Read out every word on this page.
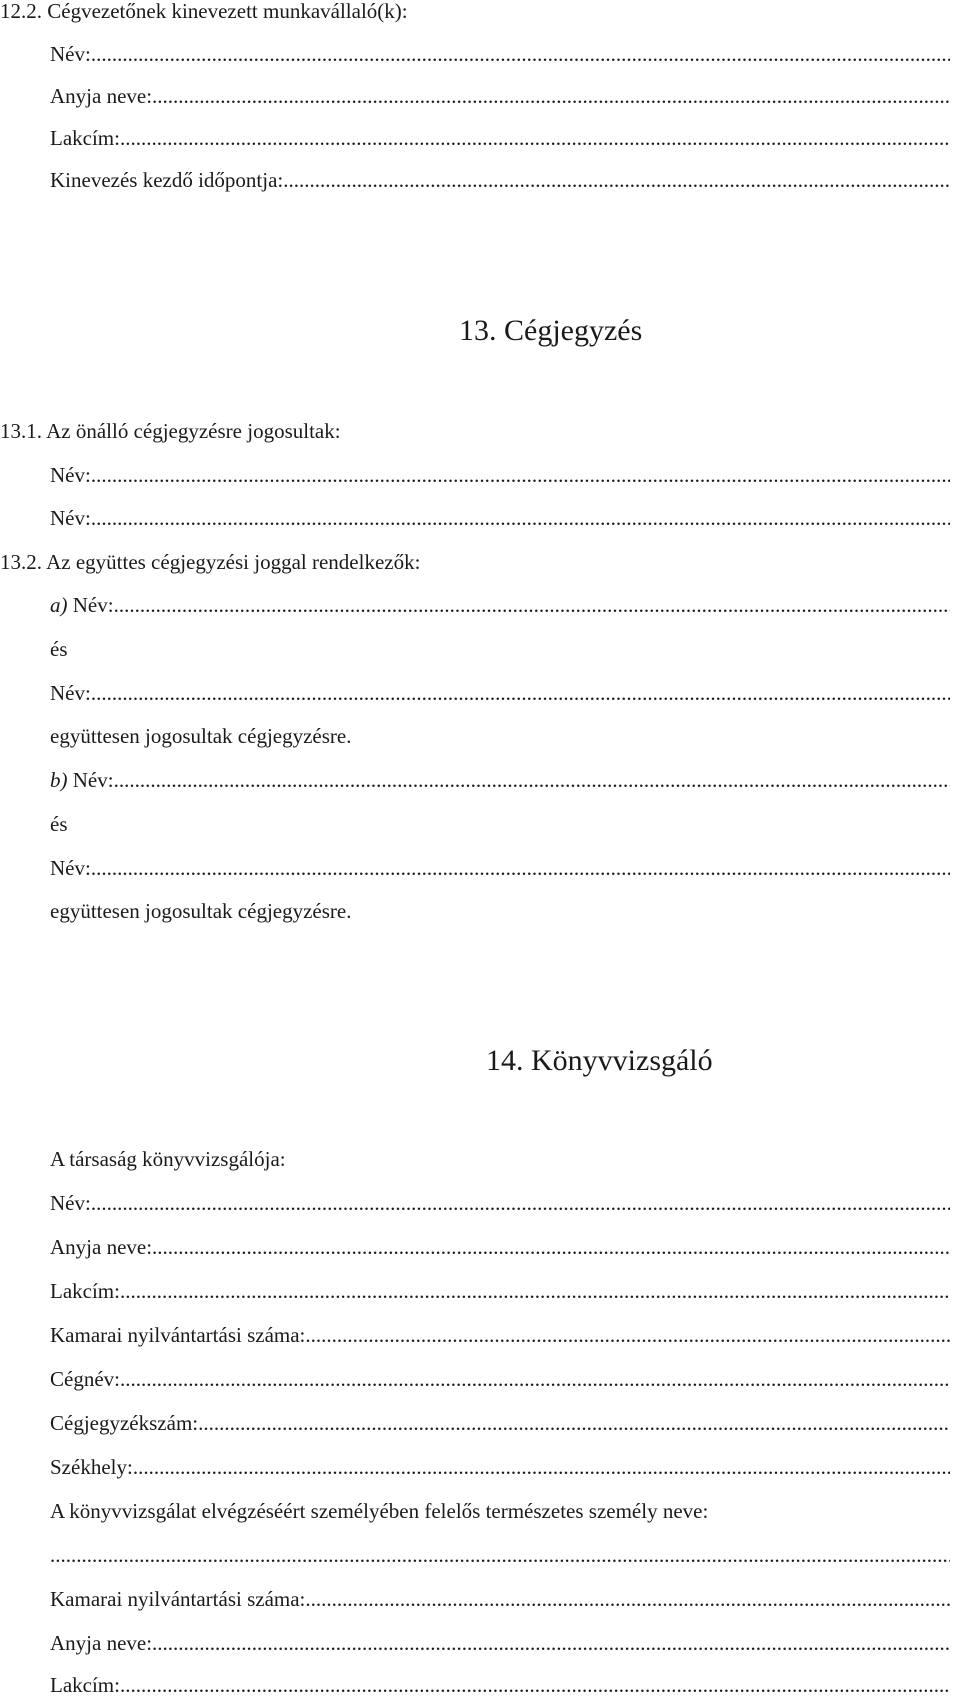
12.2. Cégvezetőnek kinevezett munkavállaló(k):
Név:
.....
Anyja neve:
.....
Lakcím:
.....
Kinevezés kezdő időpontja:
.....
13. Cégjegyzés
13.1. Az önálló cégjegyzésre jogosultak:
Név:
.....
Név:
.....
13.2. Az együttes cégjegyzési joggal rendelkezők:
a) Név:
.....
és
Név:
.....
együttesen jogosultak cégjegyzésre.
b) Név:
.....
és
Név:
.....
együttesen jogosultak cégjegyzésre.
14. Könyvvizsgáló
A társaság könyvvizsgálója:
Név:
.....
Anyja neve:
.....
Lakcím:
.....
Kamarai nyilvántartási száma:
.....
Cégnév:
.....
Cégjegyzékszám:
.....
Székhely:
.....
A könyvvizsgálat elvégzéséért személyében felelős természetes személy neve:
.....
Kamarai nyilvántartási száma:
.....
Anyja neve:
.....
Lakcím:
.....
